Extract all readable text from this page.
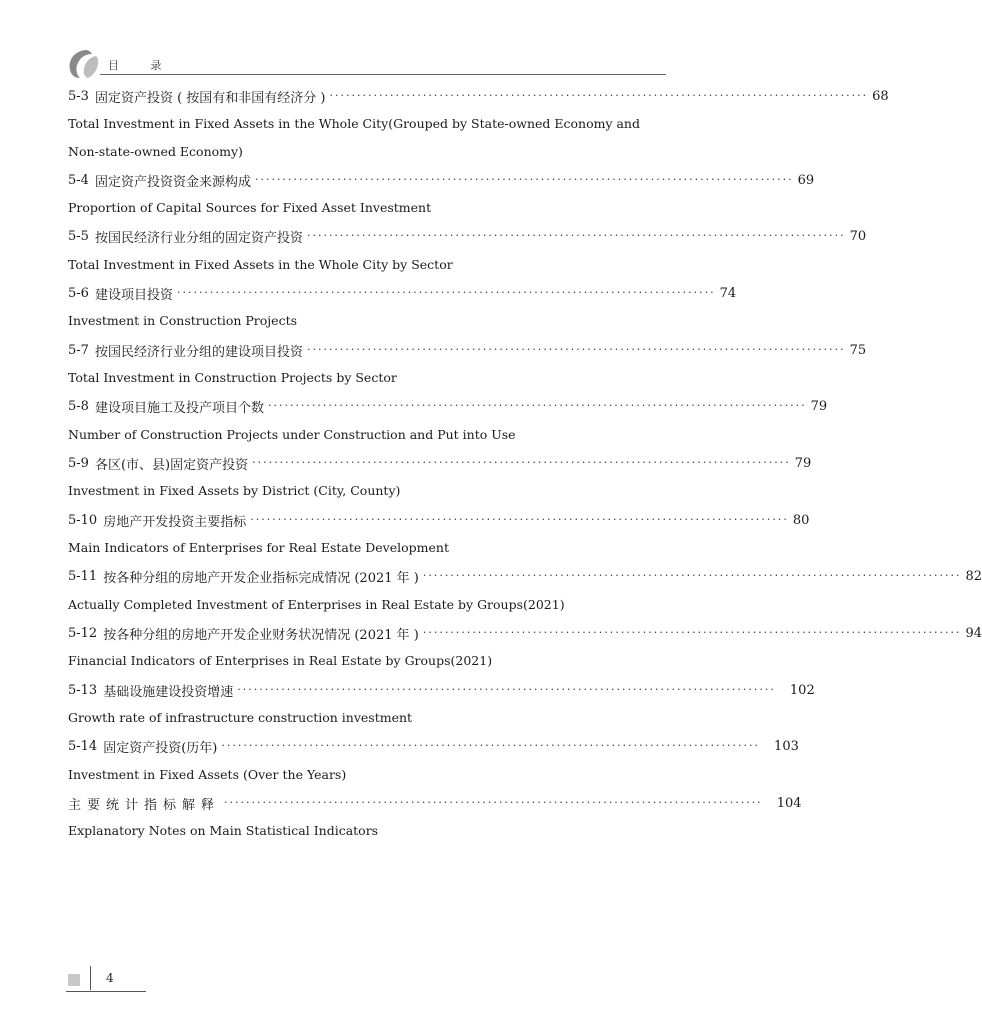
目 录
5-3 固定资产投资 ( 按国有和非国有经济分 ) ·································································································· 68
Total Investment in Fixed Assets in the Whole City(Grouped by State-owned Economy and Non-state-owned Economy)
5-4 固定资产投资资金来源构成 ·································································································· 69
Proportion of Capital Sources for Fixed Asset Investment
5-5 按国民经济行业分组的固定资产投资 ·································································································· 70
Total Investment in Fixed Assets in the Whole City by Sector
5-6 建设项目投资 ·································································································· 74
Investment in Construction Projects
5-7 按国民经济行业分组的建设项目投资 ·································································································· 75
Total Investment in Construction Projects by Sector
5-8 建设项目施工及投产项目个数 ·································································································· 79
Number of Construction Projects under Construction and Put into Use
5-9 各区(市、县)固定资产投资 ·································································································· 79
Investment in Fixed Assets by District (City, County)
5-10 房地产开发投资主要指标 ·································································································· 80
Main Indicators of Enterprises for Real Estate Development
5-11 按各种分组的房地产开发企业指标完成情况 (2021 年 ) ·································································································· 82
Actually Completed Investment of Enterprises in Real Estate by Groups(2021)
5-12 按各种分组的房地产开发企业财务状况情况 (2021 年 ) ·································································································· 94
Financial Indicators of Enterprises in Real Estate by Groups(2021)
5-13 基础设施建设投资增速 ··································································································	102
Growth rate of infrastructure construction investment
5-14 固定资产投资(历年) ··································································································	103
Investment in Fixed Assets (Over the Years)
主要统计指标解释 ··································································································	104
Explanatory Notes on Main Statistical Indicators
4
